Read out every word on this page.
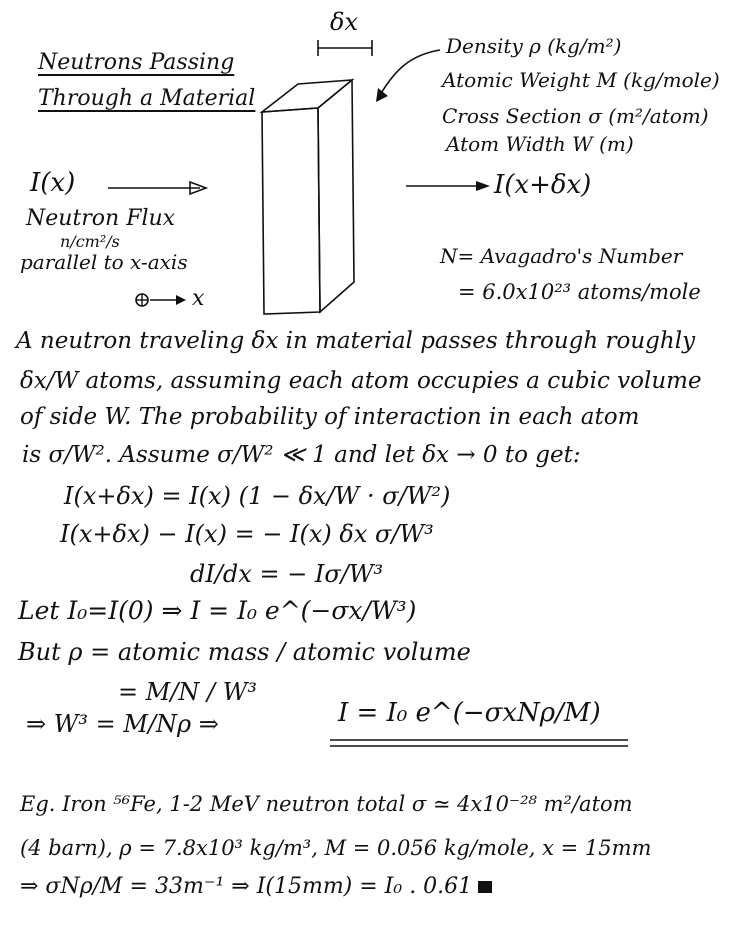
Neutrons Passing
Through a Material
δx
Density ρ (kg/m²)
Atomic Weight M (kg/mole)
Cross Section σ (m²/atom)
Atom Width W (m)
I(x)	I(x+δx)
Neutron Flux
n/cm²/s
parallel to x-axis
x
N= Avagadro's Number
= 6.0x10²³ atoms/mole
A neutron traveling δx in material passes through roughly
δx/W atoms, assuming each atom occupies a cubic volume
of side W. The probability of interaction in each atom
is σ/W². Assume σ/W² ≪ 1 and let δx → 0 to get:
I(x+δx) = I(x) (1 − δx/W · σ/W²)
I(x+δx) − I(x) = − I(x) δx σ/W³
dI/dx = − Iσ/W³
Let I₀=I(0) ⇒ I = I₀ e^(−σx/W³)
But ρ = atomic mass / atomic volume
= M/N / W³
⇒ W³ = M/Nρ ⇒	I = I₀ e^(−σxNρ/M)
Eg. Iron ⁵⁶Fe, 1-2 MeV neutron total σ ≃ 4x10⁻²⁸ m²/atom
(4 barn), ρ = 7.8x10³ kg/m³, M = 0.056 kg/mole, x = 15mm
⇒ σNρ/M = 33m⁻¹ ⇒ I(15mm) = I₀ . 0.61
